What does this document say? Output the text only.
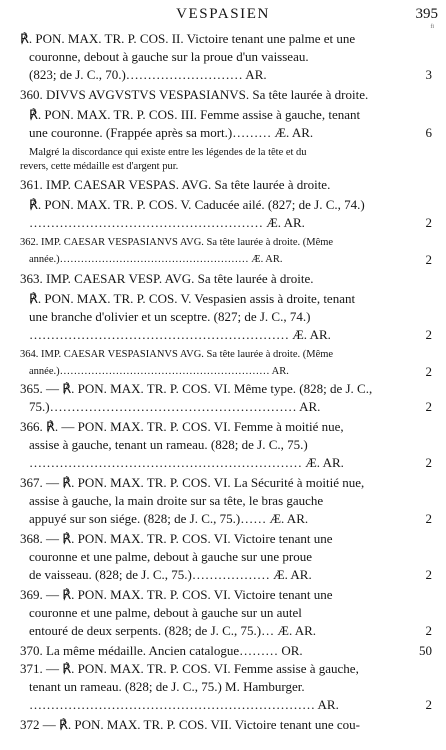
VESPASIEN	395
fi
℟. PON. MAX. TR. P. COS. II. Victoire tenant une palme et une
couronne, debout à gauche sur la proue d'un vaisseau.
(823; de J. C., 70.)……………………… AR.	3
360. DIVVS AVGVSTVS VESPASIANVS. Sa tête laurée à droite.
℟. PON. MAX. TR. P. COS. III. Femme assise à gauche, tenant
une couronne. (Frappée après sa mort.)……… Æ. AR.	6
Malgré la discordance qui existe entre les légendes de la tête et du
revers, cette médaille est d'argent pur.
361. IMP. CAESAR VESPAS. AVG. Sa tête laurée à droite.
℟. PON. MAX. TR. P. COS. V. Caducée ailé. (827; de J. C., 74.)
……………………………………………… Æ. AR.	2
362. IMP. CAESAR VESPASIANVS AVG. Sa tête laurée à droite. (Même
année.)……………………………………………… Æ. AR.	2
363. IMP. CAESAR VESP. AVG. Sa tête laurée à droite.
℟. PON. MAX. TR. P. COS. V. Vespasien assis à droite, tenant
une branche d'olivier et un sceptre. (827; de J. C., 74.)
…………………………………………………… Æ. AR.	2
364. IMP. CAESAR VESPASIANVS AVG. Sa tête laurée à droite. (Même
année.)…………………………………………………… AR.	2
365. — ℟. PON. MAX. TR. P. COS. VI. Même type. (828; de J. C.,
75.)………………………………………………… AR.	2
366. ℟. — PON. MAX. TR. P. COS. VI. Femme à moitié nue,
assise à gauche, tenant un rameau. (828; de J. C., 75.)
……………………………………………………… Æ. AR.	2
367. — ℟. PON. MAX. TR. P. COS. VI. La Sécurité à moitié nue,
assise à gauche, la main droite sur sa tête, le bras gauche
appuyé sur son siége. (828; de J. C., 75.)…… Æ. AR.	2
368. — ℟. PON. MAX. TR. P. COS. VI. Victoire tenant une
couronne et une palme, debout à gauche sur une proue
de vaisseau. (828; de J. C., 75.)……………… Æ. AR.	2
369. — ℟. PON. MAX. TR. P. COS. VI. Victoire tenant une
couronne et une palme, debout à gauche sur un autel
entouré de deux serpents. (828; de J. C., 75.)… Æ. AR.	2
370. La même médaille. Ancien catalogue……… OR.	50
371. — ℟. PON. MAX. TR. P. COS. VI. Femme assise à gauche,
tenant un rameau. (828; de J. C., 75.) M. Hamburger.
………………………………………………………… AR.	2
372 — ℟. PON. MAX. TR. P. COS. VII. Victoire tenant une cou-
